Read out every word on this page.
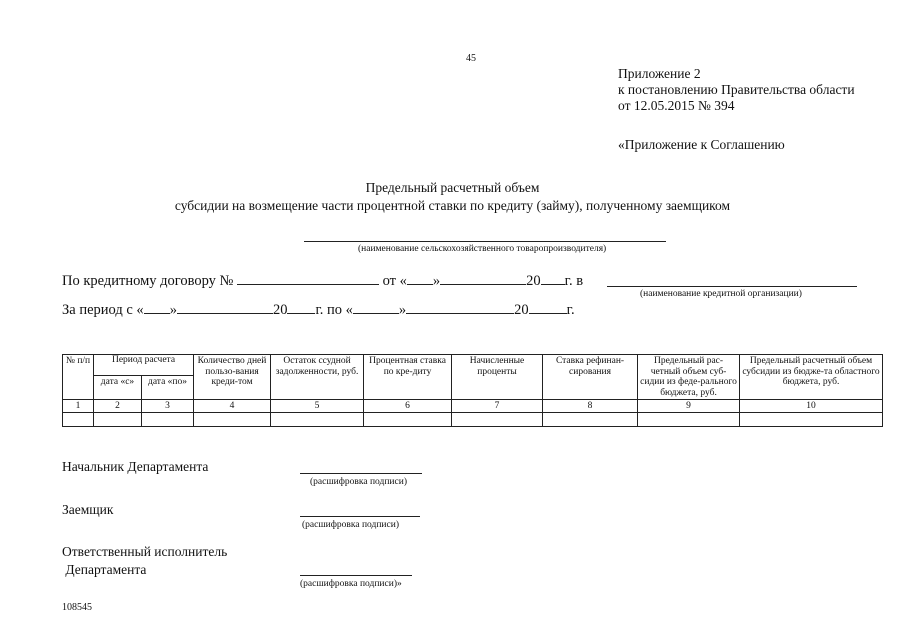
45
Приложение 2
к постановлению Правительства области
от 12.05.2015 № 394
«Приложение к Соглашению
Предельный расчетный объем
субсидии на возмещение части процентной ставки по кредиту (займу), полученному заемщиком
(наименование сельскохозяйственного товаропроизводителя)
По кредитному договору №	от « »	20 г. в
(наименование кредитной организации)
За период с « »	20 г. по «	»	20	г.
№ п/п	Период расчета		Количество дней пользо-вания креди-том	Остаток ссудной задолженности, руб.	Процентная ставка по кре-диту	Начисленные проценты	Ставка рефинан-сирования	Предельный рас-четный объем суб-сидии из феде-рального бюджета, руб.	Предельный расчетный объем субсидии из бюдже-та областного бюджета, руб.
	дата «с»	дата «по»							
1	2	3	4	5	6	7	8	9	10

Начальник Департамента
(расшифровка подписи)
Заемщик
(расшифровка подписи)
Ответственный исполнитель
Департамента
(расшифровка подписи)»
108545
